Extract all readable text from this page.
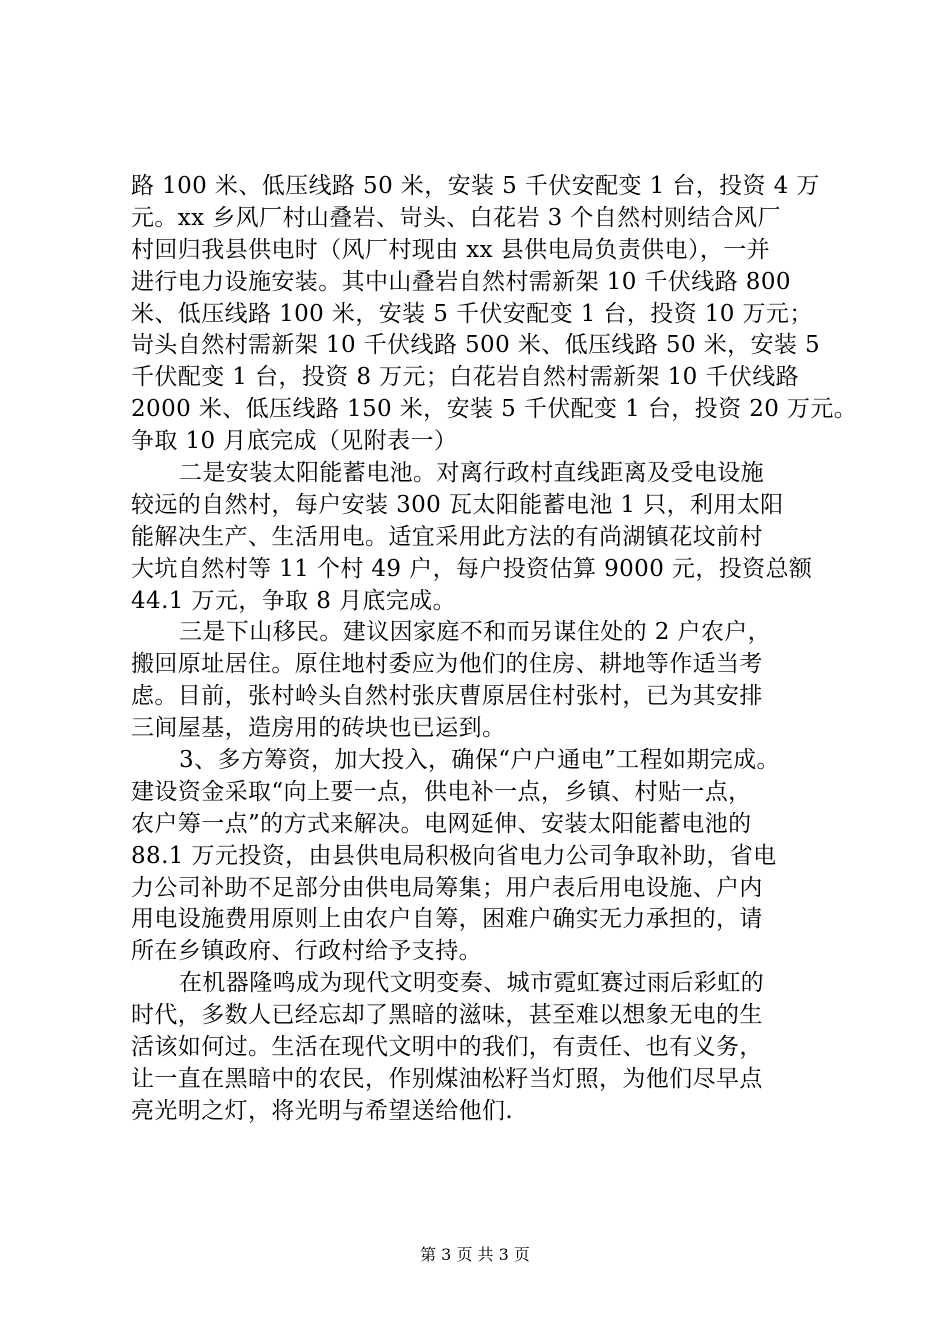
路 100 米、低压线路 50 米，安装 5 千伏安配变 1 台，投资 4 万
元。xx 乡风厂村山叠岩、岢头、白花岩 3 个自然村则结合风厂
村回归我县供电时（风厂村现由 xx 县供电局负责供电），一并
进行电力设施安装。其中山叠岩自然村需新架 10 千伏线路 800
米、低压线路 100 米，安装 5 千伏安配变 1 台，投资 10 万元；
岢头自然村需新架 10 千伏线路 500 米、低压线路 50 米，安装 5
千伏配变 1 台，投资 8 万元；白花岩自然村需新架 10 千伏线路
2000 米、低压线路 150 米，安装 5 千伏配变 1 台，投资 20 万元。
争取 10 月底完成（见附表一）
二是安装太阳能蓄电池。对离行政村直线距离及受电设施
较远的自然村，每户安装 300 瓦太阳能蓄电池 1 只，利用太阳
能解决生产、生活用电。适宜采用此方法的有尚湖镇花坟前村
大坑自然村等 11 个村 49 户，每户投资估算 9000 元，投资总额
44.1 万元，争取 8 月底完成。
三是下山移民。建议因家庭不和而另谋住处的 2 户农户，
搬回原址居住。原住地村委应为他们的住房、耕地等作适当考
虑。目前，张村岭头自然村张庆曹原居住村张村，已为其安排
三间屋基，造房用的砖块也已运到。
3、多方筹资，加大投入，确保“户户通电”工程如期完成。
建设资金采取“向上要一点，供电补一点，乡镇、村贴一点，
农户筹一点”的方式来解决。电网延伸、安装太阳能蓄电池的
88.1 万元投资，由县供电局积极向省电力公司争取补助，省电
力公司补助不足部分由供电局筹集；用户表后用电设施、户内
用电设施费用原则上由农户自筹，困难户确实无力承担的，请
所在乡镇政府、行政村给予支持。
在机器隆鸣成为现代文明变奏、城市霓虹赛过雨后彩虹的
时代，多数人已经忘却了黑暗的滋味，甚至难以想象无电的生
活该如何过。生活在现代文明中的我们，有责任、也有义务，
让一直在黑暗中的农民，作别煤油松籽当灯照，为他们尽早点
亮光明之灯，将光明与希望送给他们.
第 3 页 共 3 页
